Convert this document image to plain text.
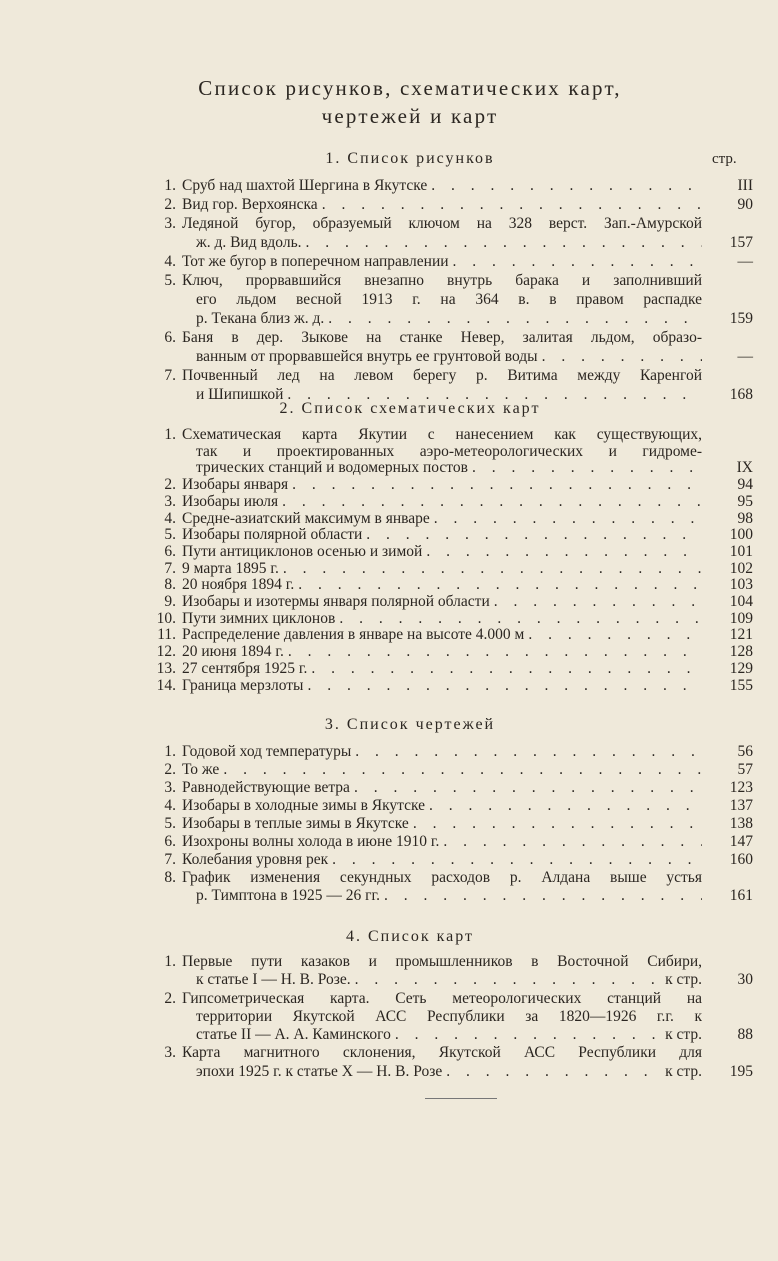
Список рисунков, схематических карт,
чертежей и карт
1. Список рисунков	стр.
1. Сруб над шахтой Шергина в Якутске . . .	III
2. Вид гор. Верхоянска . . .	90
3. Ледяной бугор, образуемый ключом на 328 верст. Зап.-Амурской
ж. д. Вид вдоль. . . .	157
4. Тот же бугор в поперечном направлении . . .	—
5. Ключ, прорвавшийся внезапно внутрь барака и заполнивший
его льдом весной 1913 г. на 364 в. в правом распадке
р. Текана близ ж. д. . . .	159
6. Баня в дер. Зыкове на станке Невер, залитая льдом, образо-
ванным от прорвавшейся внутрь ее грунтовой воды . . .	—
7. Почвенный лед на левом берегу р. Витима между Каренгой
и Шипишкой . . .	168
2. Список схематических карт
1. Схематическая карта Якутии с нанесением как существующих,
так и проектированных аэро-метеорологических и гидроме-
трических станций и водомерных постов . . .	IX
2. Изобары января . . .	94
3. Изобары июля . . .	95
4. Средне-азиатский максимум в январе . . .	98
5. Изобары полярной области . . .	100
6. Пути антициклонов осенью и зимой . . .	101
7. 9 марта 1895 г. . . .	102
8. 20 ноября 1894 г. . . .	103
9. Изобары и изотермы января полярной области . . .	104
10. Пути зимних циклонов . . .	109
11. Распределение давления в январе на высоте 4.000 м . . .	121
12. 20 июня 1894 г. . . .	128
13. 27 сентября 1925 г. . . .	129
14. Граница мерзлоты . . .	155
3. Список чертежей
1. Годовой ход температуры . . .	56
2. То же . . .	57
3. Равнодействующие ветра . . .	123
4. Изобары в холодные зимы в Якутске . . .	137
5. Изобары в теплые зимы в Якутске . . .	138
6. Изохроны волны холода в июне 1910 г. . . .	147
7. Колебания уровня рек . . .	160
8. График изменения секундных расходов р. Алдана выше устья
р. Тимптона в 1925 — 26 гг. . . .	161
4. Список карт
1. Первые пути казаков и промышленников в Восточной Сибири,
к статье I — Н. В. Розе. . . .	к стр. 30
2. Гипсометрическая карта. Сеть метеорологических станций на
территории Якутской АСС Республики за 1820—1926 г.г. к
статье II — А. А. Каминского . . .	к стр. 88
3. Карта магнитного склонения, Якутской АСС Республики для
эпохи 1925 г. к статье X — Н. В. Розе . . .	к стр. 195
